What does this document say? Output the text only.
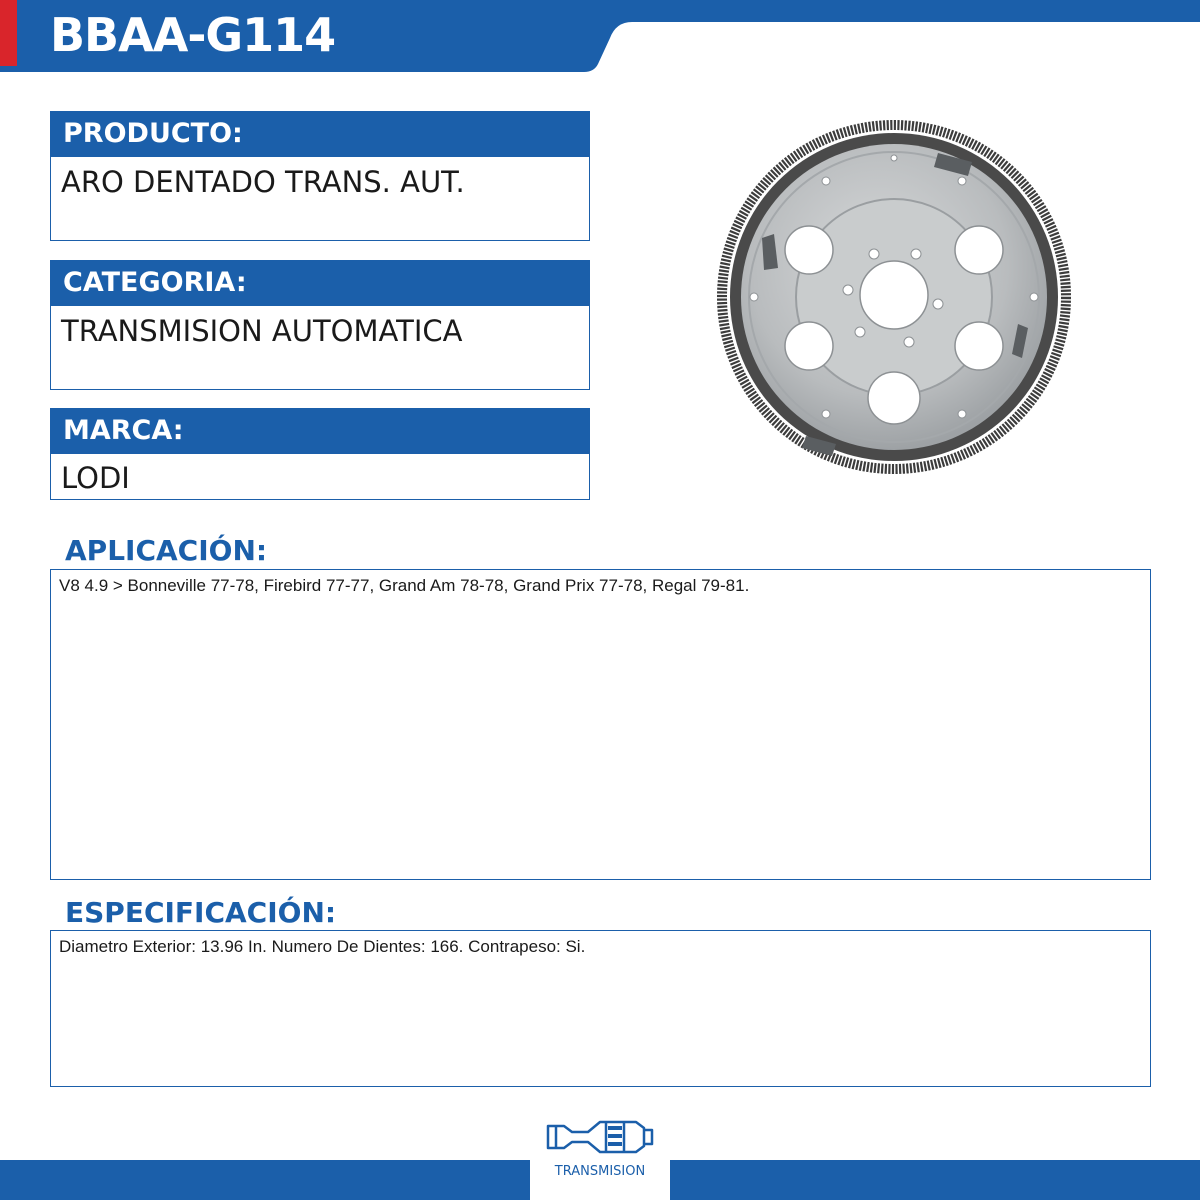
BBAA-G114
PRODUCTO:
ARO DENTADO TRANS. AUT.
CATEGORIA:
TRANSMISION AUTOMATICA
MARCA:
LODI
APLICACIÓN:
V8 4.9 > Bonneville 77-78, Firebird 77-77, Grand Am 78-78, Grand Prix 77-78, Regal 79-81.
ESPECIFICACIÓN:
Diametro Exterior: 13.96 In. Numero De Dientes: 166. Contrapeso: Si.
TRANSMISION
